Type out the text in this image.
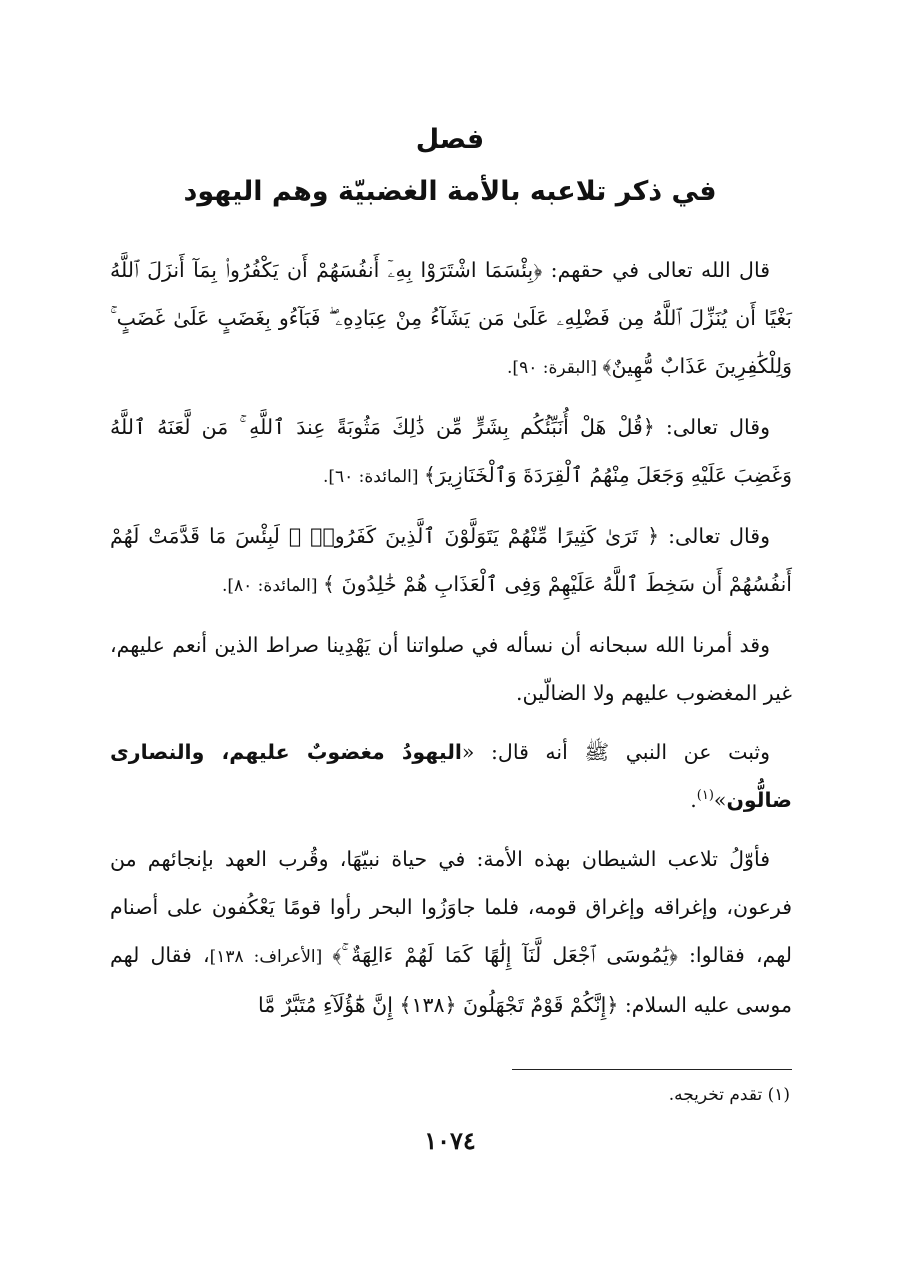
فصل
في ذكر تلاعبه بالأمة الغضبيّة وهم اليهود

قال الله تعالى في حقهم: ﴿بِئْسَمَا اشْتَرَوْا بِهِۦٓ أَنفُسَهُمْ أَن يَكْفُرُوا۟ بِمَآ أَنزَلَ ٱللَّهُ بَغْيًا أَن يُنَزِّلَ ٱللَّهُ مِن فَضْلِهِۦ عَلَىٰ مَن يَشَآءُ مِنْ عِبَادِهِۦ ۖ فَبَآءُو بِغَضَبٍ عَلَىٰ غَضَبٍ ۚ وَلِلْكَٰفِرِينَ عَذَابٌ مُّهِينٌ﴾ [البقرة: ٩٠].

وقال تعالى: ﴿قُلْ هَلْ أُنَبِّئُكُم بِشَرٍّ مِّن ذَٰلِكَ مَثُوبَةً عِندَ ٱللَّهِ ۚ مَن لَّعَنَهُ ٱللَّهُ وَغَضِبَ عَلَيْهِ وَجَعَلَ مِنْهُمُ ٱلْقِرَدَةَ وَٱلْخَنَازِيرَ﴾ [المائدة: ٦٠].

وقال تعالى: ﴿ تَرَىٰ كَثِيرًا مِّنْهُمْ يَتَوَلَّوْنَ ٱلَّذِينَ كَفَرُوا۟ ۚ لَبِئْسَ مَا قَدَّمَتْ لَهُمْ أَنفُسُهُمْ أَن سَخِطَ ٱللَّهُ عَلَيْهِمْ وَفِى ٱلْعَذَابِ هُمْ خَٰلِدُونَ ﴾ [المائدة: ٨٠].

وقد أمرنا الله سبحانه أن نسأله في صلواتنا أن يَهْدِينا صراط الذين أنعم عليهم، غير المغضوب عليهم ولا الضالّين.

وثبت عن النبي ﷺ أنه قال: «اليهودُ مغضوبٌ عليهم، والنصارى ضالُّون»$^{(١)}$.

فأوّلُ تلاعب الشيطان بهذه الأمة: في حياة نبيّهَا، وقُرب العهد بإنجائهم من فرعون، وإغراقه وإغراق قومه، فلما جاوَزُوا البحر رأوا قومًا يَعْكُفون على أصنام لهم، فقالوا: ﴿يَٰمُوسَى ٱجْعَل لَّنَآ إِلَٰهًا كَمَا لَهُمْ ءَالِهَةٌ ۚ﴾ [الأعراف: ١٣٨]، فقال لهم موسى عليه السلام: ﴿إِنَّكُمْ قَوْمٌ تَجْهَلُونَ ﴿١٣٨﴾ إِنَّ هَٰٓؤُلَآءِ مُتَبَّرٌ مَّا

(١) تقدم تخريجه.
١٠٧٤
